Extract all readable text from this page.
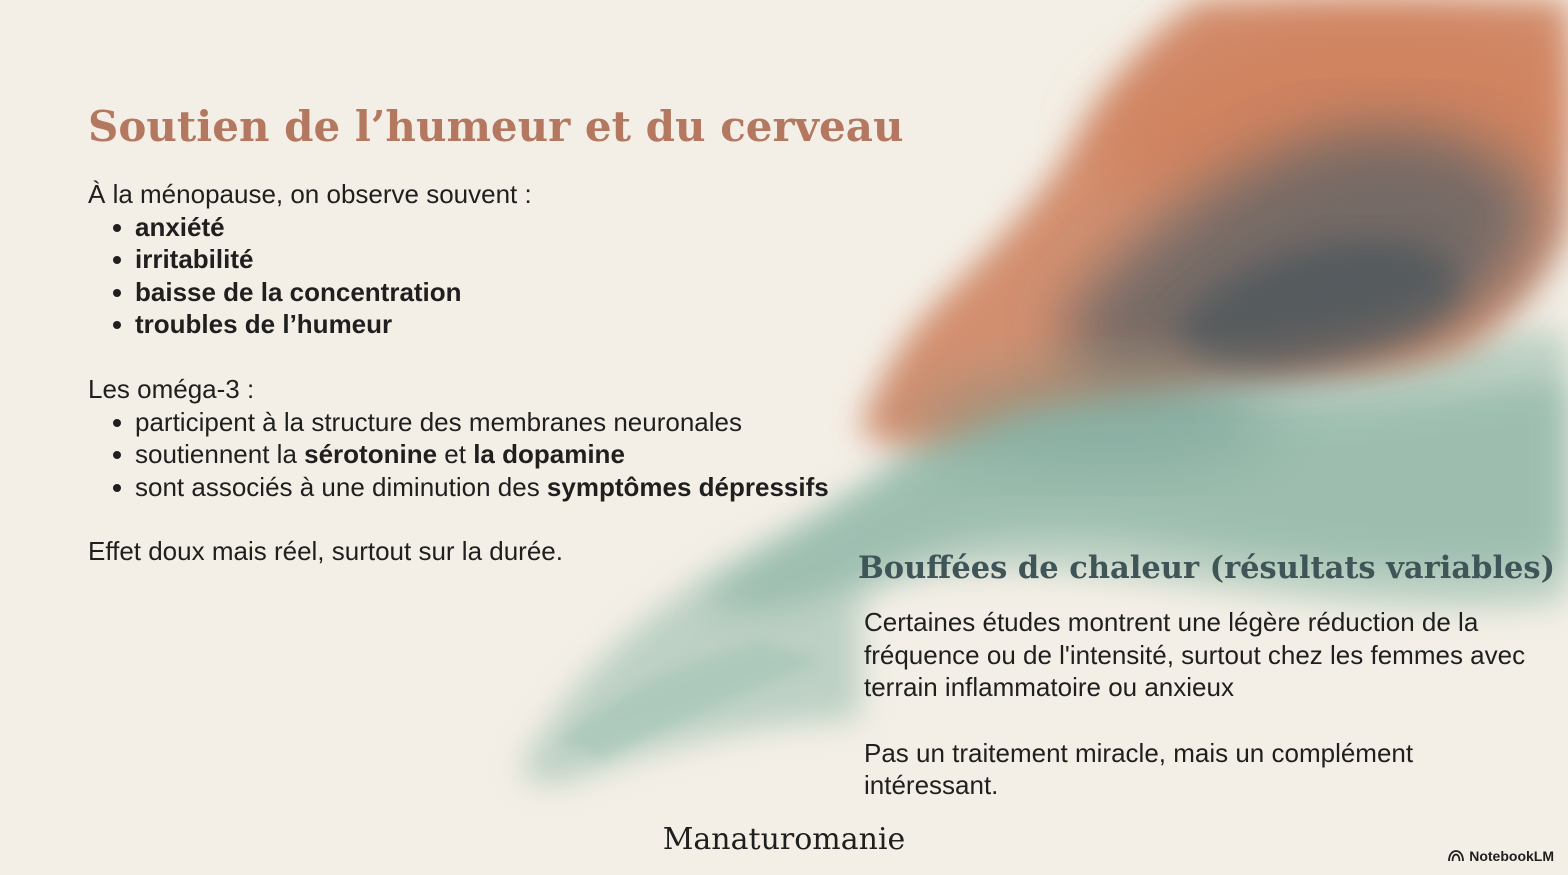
Soutien de l’humeur et du cerveau

À la ménopause, on observe souvent :

anxiété
irritabilité
baisse de la concentration
troubles de l’humeur

Les oméga-3 :

participent à la structure des membranes neuronales
soutiennent la sérotonine et la dopamine
sont associés à une diminution des symptômes dépressifs

Effet doux mais réel, surtout sur la durée.	Bouffées de chaleur (résultats variables)

Certaines études montrent une légère réduction de la fréquence ou de l'intensité, surtout chez les femmes avec terrain inflammatoire ou anxieux

Pas un traitement miracle, mais un complément intéressant.

Manaturomanie	NotebookLM
